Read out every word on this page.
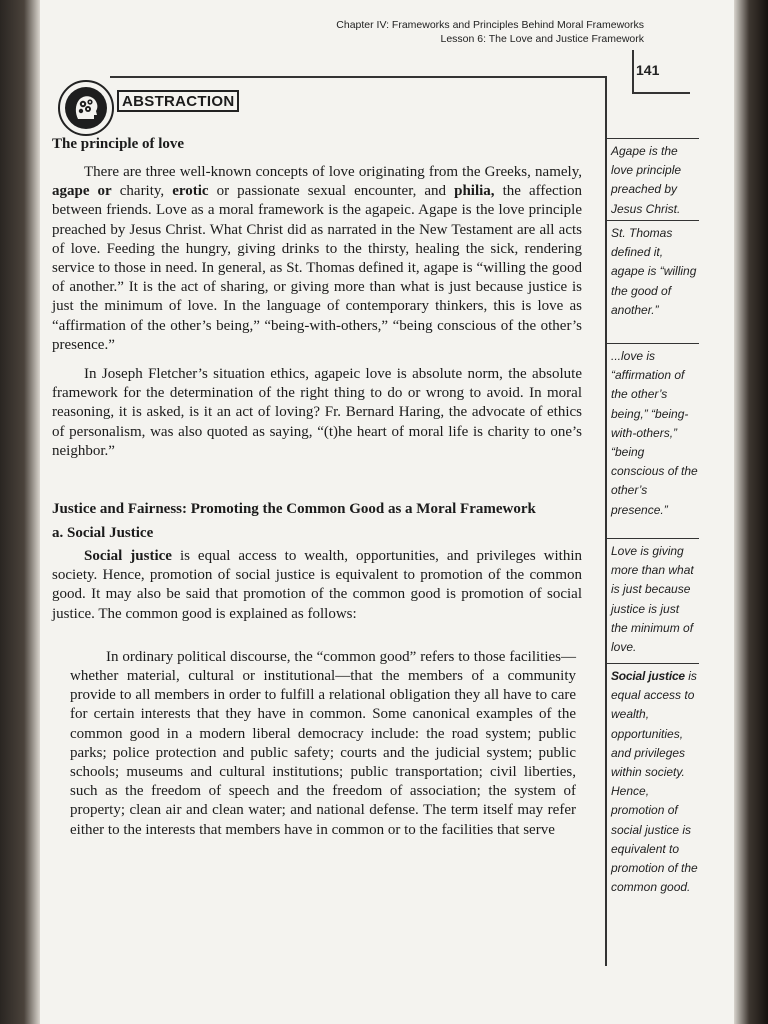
Chapter IV: Frameworks and Principles Behind Moral Frameworks
Lesson 6: The Love and Justice Framework
141
ABSTRACTION
The principle of love

There are three well-known concepts of love originating from the Greeks, namely, agape or charity, erotic or passionate sexual encounter, and philia, the affection between friends. Love as a moral framework is the agapeic. Agape is the love principle preached by Jesus Christ. What Christ did as narrated in the New Testament are all acts of love. Feeding the hungry, giving drinks to the thirsty, healing the sick, rendering service to those in need. In general, as St. Thomas defined it, agape is “willing the good of another.” It is the act of sharing, or giving more than what is just because justice is just the minimum of love. In the language of contemporary thinkers, this is love as “affirmation of the other’s being,” “being-with-others,” “being conscious of the other’s presence.”

In Joseph Fletcher’s situation ethics, agapeic love is absolute norm, the absolute framework for the determination of the right thing to do or wrong to avoid. In moral reasoning, it is asked, is it an act of loving? Fr. Bernard Haring, the advocate of ethics of personalism, was also quoted as saying, “(t)he heart of moral life is charity to one’s neighbor.”

Justice and Fairness: Promoting the Common Good as a Moral Framework
a. Social Justice

Social justice is equal access to wealth, opportunities, and privileges within society. Hence, promotion of social justice is equivalent to promotion of the common good. It may also be said that promotion of the common good is promotion of social justice. The common good is explained as follows:

In ordinary political discourse, the “common good” refers to those facilities—whether material, cultural or institutional—that the members of a community provide to all members in order to fulfill a relational obligation they all have to care for certain interests that they have in common. Some canonical examples of the common good in a modern liberal democracy include: the road system; public parks; police protection and public safety; courts and the judicial system; public schools; museums and cultural institutions; public transportation; civil liberties, such as the freedom of speech and the freedom of association; the system of property; clean air and clean water; and national defense. The term itself may refer either to the interests that members have in common or to the facilities that serve

Agape is the love principle preached by Jesus Christ.
St. Thomas defined it, agape is “willing the good of another.”
...love is “affirmation of the other’s being,” “being-with-others,” “being conscious of the other’s presence.”
Love is giving more than what is just because justice is just the minimum of love.
Social justice is equal access to wealth, opportunities, and privileges within society. Hence, promotion of social justice is equivalent to promotion of the common good.
